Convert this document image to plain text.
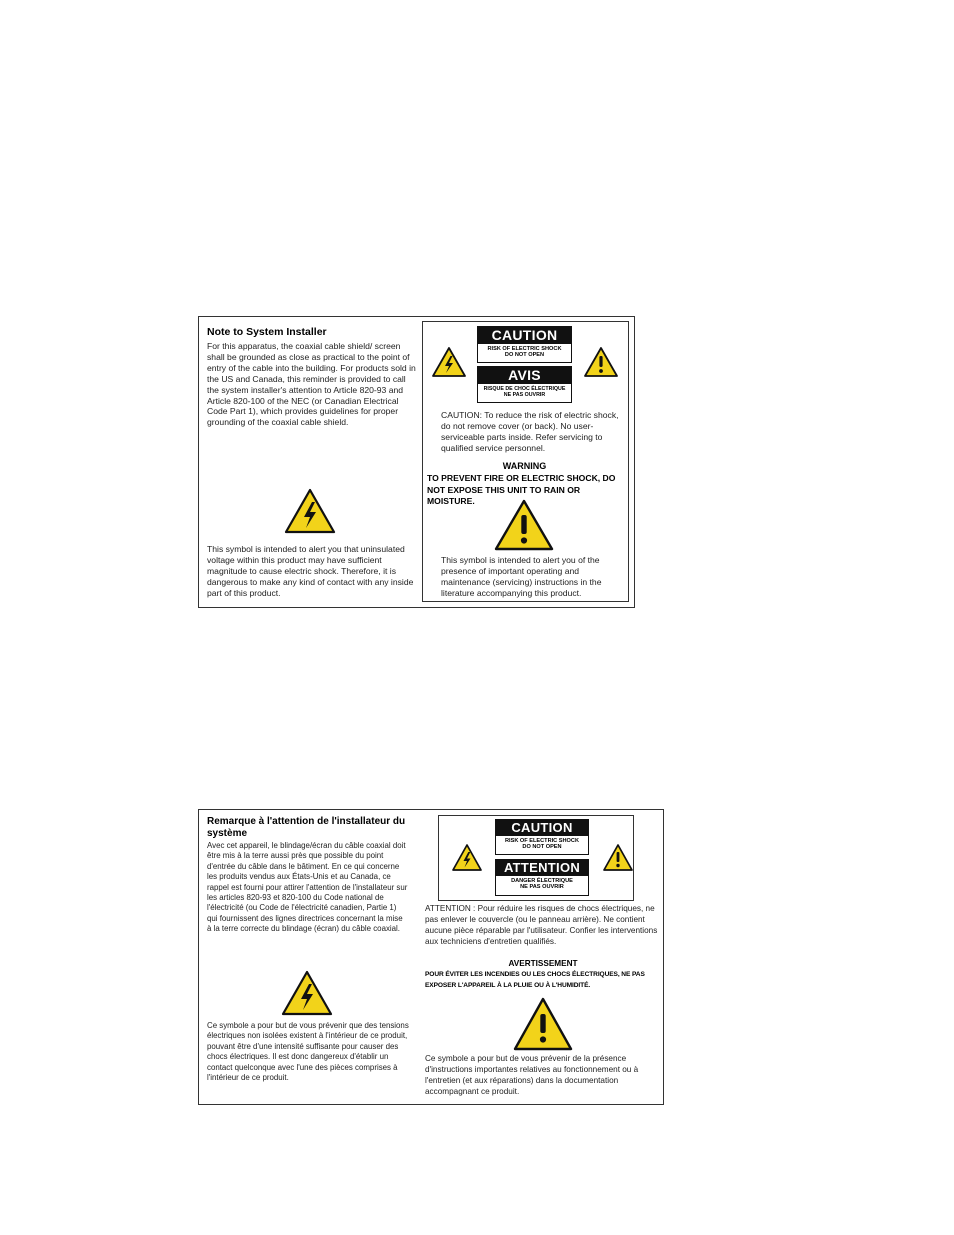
Note to System Installer
For this apparatus, the coaxial cable shield/ screen shall be grounded as close as practical to the point of entry of the cable into the building. For products sold in the US and Canada, this reminder is provided to call the system installer's attention to Article 820-93 and Article 820-100 of the NEC (or Canadian Electrical Code Part 1), which provides guidelines for proper grounding of the coaxial cable shield.
This symbol is intended to alert you that uninsulated voltage within this product may have sufficient magnitude to cause electric shock. Therefore, it is dangerous to make any kind of contact with any inside part of this product.
CAUTION
RISK OF ELECTRIC SHOCK
DO NOT OPEN
AVIS
RISQUE DE CHOC ÉLECTRIQUE
NE PAS OUVRIR
CAUTION: To reduce the risk of electric shock, do not remove cover (or back). No user-serviceable parts inside. Refer servicing to qualified service personnel.
WARNING
TO PREVENT FIRE OR ELECTRIC SHOCK, DO NOT EXPOSE THIS UNIT TO RAIN OR MOISTURE.
This symbol is intended to alert you of the presence of important operating and maintenance (servicing) instructions in the literature accompanying this product.
Remarque à l'attention de l'installateur du système
Avec cet appareil, le blindage/écran du câble coaxial doit être mis à la terre aussi près que possible du point d'entrée du câble dans le bâtiment. En ce qui concerne les produits vendus aux États-Unis et au Canada, ce rappel est fourni pour attirer l'attention de l'installateur sur les articles 820-93 et 820-100 du Code national de l'électricité (ou Code de l'électricité canadien, Partie 1) qui fournissent des lignes directrices concernant la mise à la terre correcte du blindage (écran) du câble coaxial.
Ce symbole a pour but de vous prévenir que des tensions électriques non isolées existent à l'intérieur de ce produit, pouvant être d'une intensité suffisante pour causer des chocs électriques. Il est donc dangereux d'établir un contact quelconque avec l'une des pièces comprises à l'intérieur de ce produit.
CAUTION
RISK OF ELECTRIC SHOCK
DO NOT OPEN
ATTENTION
DANGER ÉLECTRIQUE
NE PAS OUVRIR
ATTENTION : Pour réduire les risques de chocs électriques, ne pas enlever le couvercle (ou le panneau arrière). Ne contient aucune pièce réparable par l'utilisateur. Confier les interventions aux techniciens d'entretien qualifiés.
AVERTISSEMENT
POUR ÉVITER LES INCENDIES OU LES CHOCS ÉLECTRIQUES, NE PAS EXPOSER L'APPAREIL À LA PLUIE OU À L'HUMIDITÉ.
Ce symbole a pour but de vous prévenir de la présence d'instructions importantes relatives au fonctionnement ou à l'entretien (et aux réparations) dans la documentation accompagnant ce produit.
